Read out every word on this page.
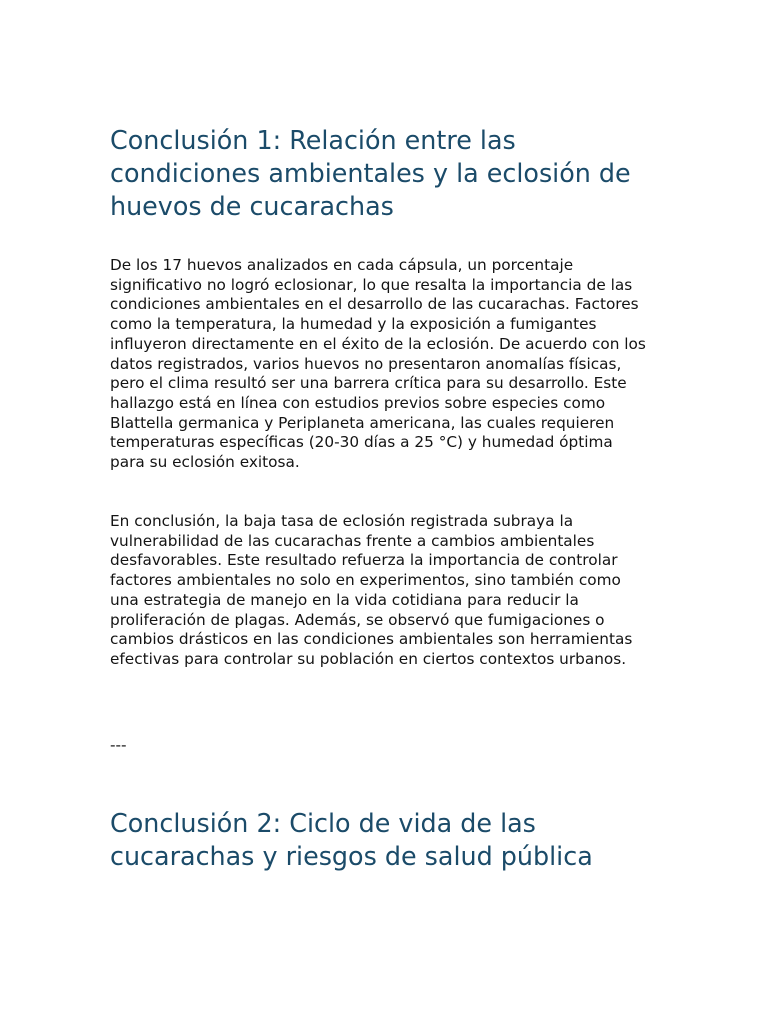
Conclusión 1: Relación entre las
condiciones ambientales y la eclosión de
huevos de cucarachas

De los 17 huevos analizados en cada cápsula, un porcentaje
significativo no logró eclosionar, lo que resalta la importancia de las
condiciones ambientales en el desarrollo de las cucarachas. Factores
como la temperatura, la humedad y la exposición a fumigantes
influyeron directamente en el éxito de la eclosión. De acuerdo con los
datos registrados, varios huevos no presentaron anomalías físicas,
pero el clima resultó ser una barrera crítica para su desarrollo. Este
hallazgo está en línea con estudios previos sobre especies como
Blattella germanica y Periplaneta americana, las cuales requieren
temperaturas específicas (20-30 días a 25 °C) y humedad óptima
para su eclosión exitosa.

En conclusión, la baja tasa de eclosión registrada subraya la
vulnerabilidad de las cucarachas frente a cambios ambientales
desfavorables. Este resultado refuerza la importancia de controlar
factores ambientales no solo en experimentos, sino también como
una estrategia de manejo en la vida cotidiana para reducir la
proliferación de plagas. Además, se observó que fumigaciones o
cambios drásticos en las condiciones ambientales son herramientas
efectivas para controlar su población en ciertos contextos urbanos.

---

Conclusión 2: Ciclo de vida de las
cucarachas y riesgos de salud pública
